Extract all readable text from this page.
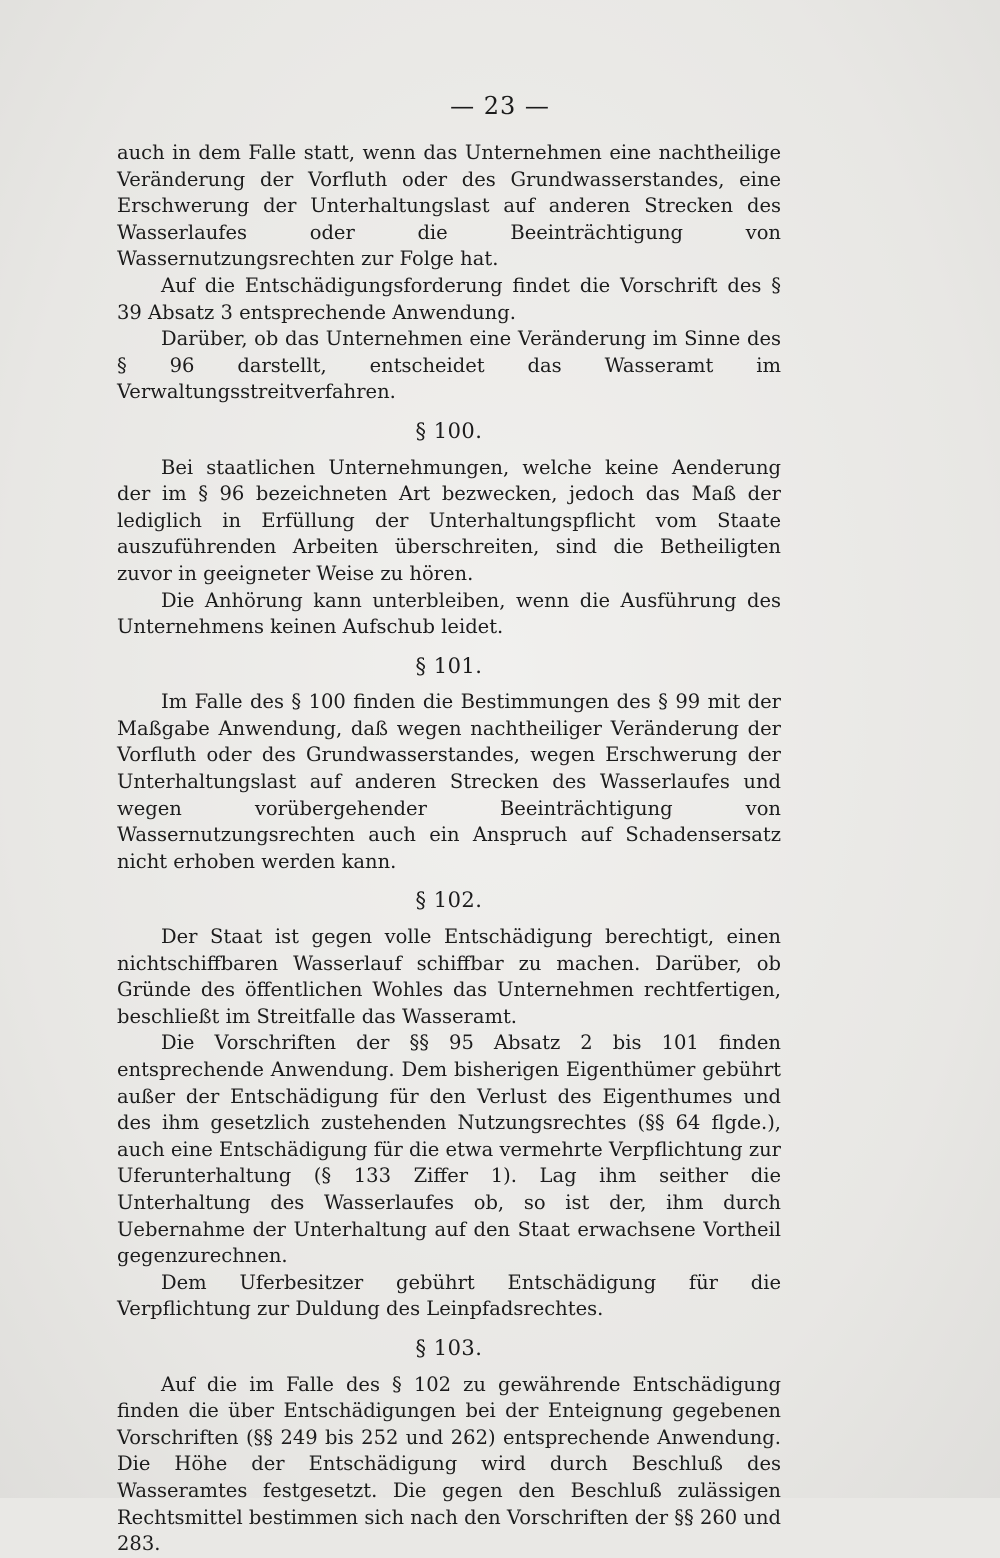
— 23 —

auch in dem Falle statt, wenn das Unternehmen eine nachtheilige Veränderung der Vorfluth oder des Grundwasserstandes, eine Erschwerung der Unterhaltungslast auf anderen Strecken des Wasserlaufes oder die Beeinträchtigung von Wassernutzungsrechten zur Folge hat.

Auf die Entschädigungsforderung findet die Vorschrift des § 39 Absatz 3 entsprechende Anwendung.

Darüber, ob das Unternehmen eine Veränderung im Sinne des § 96 darstellt, entscheidet das Wasseramt im Verwaltungsstreitverfahren.

§ 100.

Bei staatlichen Unternehmungen, welche keine Aenderung der im § 96 bezeichneten Art bezwecken, jedoch das Maß der lediglich in Erfüllung der Unterhaltungspflicht vom Staate auszuführenden Arbeiten überschreiten, sind die Betheiligten zuvor in geeigneter Weise zu hören.

Die Anhörung kann unterbleiben, wenn die Ausführung des Unternehmens keinen Aufschub leidet.

§ 101.

Im Falle des § 100 finden die Bestimmungen des § 99 mit der Maßgabe Anwendung, daß wegen nachtheiliger Veränderung der Vorfluth oder des Grundwasserstandes, wegen Erschwerung der Unterhaltungslast auf anderen Strecken des Wasserlaufes und wegen vorübergehender Beeinträchtigung von Wassernutzungsrechten auch ein Anspruch auf Schadensersatz nicht erhoben werden kann.

§ 102.

Der Staat ist gegen volle Entschädigung berechtigt, einen nichtschiffbaren Wasserlauf schiffbar zu machen. Darüber, ob Gründe des öffentlichen Wohles das Unternehmen rechtfertigen, beschließt im Streitfalle das Wasseramt.

Die Vorschriften der §§ 95 Absatz 2 bis 101 finden entsprechende Anwendung. Dem bisherigen Eigenthümer gebührt außer der Entschädigung für den Verlust des Eigenthumes und des ihm gesetzlich zustehenden Nutzungsrechtes (§§ 64 flgde.), auch eine Entschädigung für die etwa vermehrte Verpflichtung zur Uferunterhaltung (§ 133 Ziffer 1). Lag ihm seither die Unterhaltung des Wasserlaufes ob, so ist der, ihm durch Uebernahme der Unterhaltung auf den Staat erwachsene Vortheil gegenzurechnen.

Dem Uferbesitzer gebührt Entschädigung für die Verpflichtung zur Duldung des Leinpfadsrechtes.

§ 103.

Auf die im Falle des § 102 zu gewährende Entschädigung finden die über Entschädigungen bei der Enteignung gegebenen Vorschriften (§§ 249 bis 252 und 262) entsprechende Anwendung. Die Höhe der Entschädigung wird durch Beschluß des Wasseramtes festgesetzt. Die gegen den Beschluß zulässigen Rechtsmittel bestimmen sich nach den Vorschriften der §§ 260 und 283.
